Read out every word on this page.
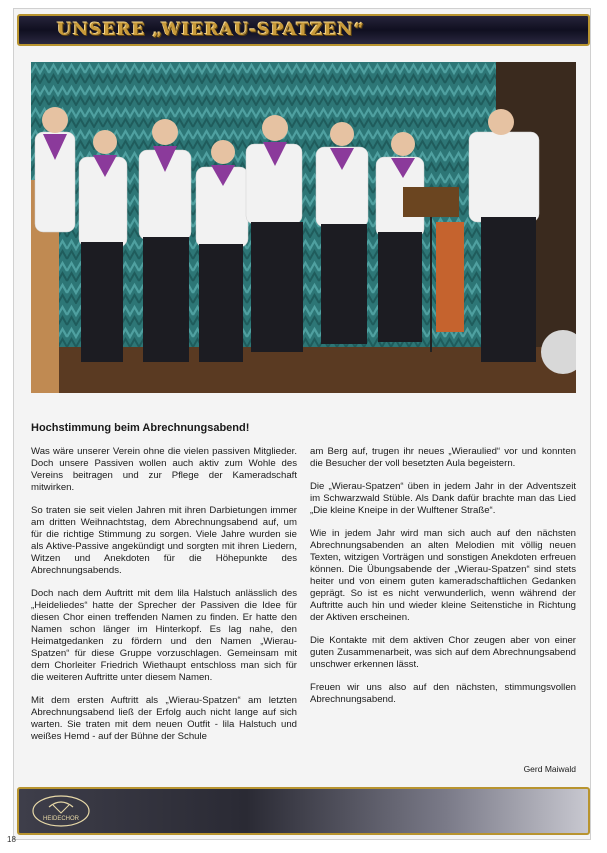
UNSERE „WIERAU-SPATZEN“
Hochstimmung beim Abrechnungsabend!

Was wäre unserer Verein ohne die vielen passiven Mitglieder. Doch unsere Passiven wollen auch aktiv zum Wohle des Vereins beitragen und zur Pflege der Kameradschaft mitwirken.

So traten sie seit vielen Jahren mit ihren Darbietungen immer am dritten Weihnachtstag, dem Abrechnungsabend auf, um für die richtige Stimmung zu sorgen. Viele Jahre wurden sie als Aktive-Passive angekündigt und sorgten mit ihren Liedern, Witzen und Anekdoten für die Höhepunkte des Abrechnungsabends.

Doch nach dem Auftritt mit dem lila Halstuch anlässlich des „Heideliedes“ hatte der Sprecher der Passiven die Idee für diesen Chor einen treffenden Namen zu finden. Er hatte den Namen schon länger im Hinterkopf. Es lag nahe, den Heimatgedanken zu fördern und den Namen „Wierau-Spatzen“ für diese Gruppe vorzuschlagen. Gemeinsam mit dem Chorleiter Friedrich Wiethaupt entschloss man sich für die weiteren Auftritte unter diesem Namen.

Mit dem ersten Auftritt als „Wierau-Spatzen“ am letzten Abrechnungsabend ließ der Erfolg auch nicht lange auf sich warten. Sie traten mit dem neuen Outfit - lila Halstuch und weißes Hemd - auf der Bühne der Schule

am Berg auf, trugen ihr neues „Wieraulied“ vor und konnten die Besucher der voll besetzten Aula begeistern.

Die „Wierau-Spatzen“ üben in jedem Jahr in der Adventszeit im Schwarzwald Stüble. Als Dank dafür brachte man das Lied „Die kleine Kneipe in der Wulftener Straße“.

Wie in jedem Jahr wird man sich auch auf den nächsten Abrechnungsabenden an alten Melodien mit völlig neuen Texten, witzigen Vorträgen und sonstigen Anekdoten erfreuen können. Die Übungsabende der „Wierau-Spatzen“ sind stets heiter und von einem guten kameradschaftlichen Gedanken geprägt. So ist es nicht verwunderlich, wenn während der Auftritte auch hin und wieder kleine Seitenstiche in Richtung der Aktiven erscheinen.

Die Kontakte mit dem aktiven Chor zeugen aber von einer guten Zusammenarbeit, was sich auf dem Abrechnungsabend unschwer erkennen lässt.

Freuen wir uns also auf den nächsten, stimmungsvollen Abrechnungsabend.

Gerd Maiwald
HEIDECHOR
18
